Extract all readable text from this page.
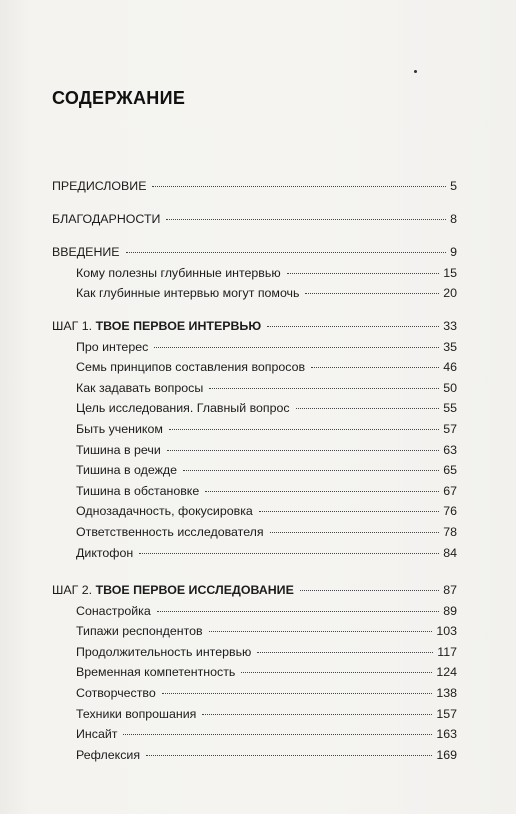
СОДЕРЖАНИЕ
ПРЕДИСЛОВИЕ	5
БЛАГОДАРНОСТИ	8
ВВЕДЕНИЕ	9
Кому полезны глубинные интервью	15
Как глубинные интервью могут помочь	20
ШАГ 1. ТВОЕ ПЕРВОЕ ИНТЕРВЬЮ	33
Про интерес	35
Семь принципов составления вопросов	46
Как задавать вопросы	50
Цель исследования. Главный вопрос	55
Быть учеником	57
Тишина в речи	63
Тишина в одежде	65
Тишина в обстановке	67
Однозадачность, фокусировка	76
Ответственность исследователя	78
Диктофон	84
ШАГ 2. ТВОЕ ПЕРВОЕ ИССЛЕДОВАНИЕ	87
Сонастройка	89
Типажи респондентов	103
Продолжительность интервью	117
Временная компетентность	124
Сотворчество	138
Техники вопрошания	157
Инсайт	163
Рефлексия	169
